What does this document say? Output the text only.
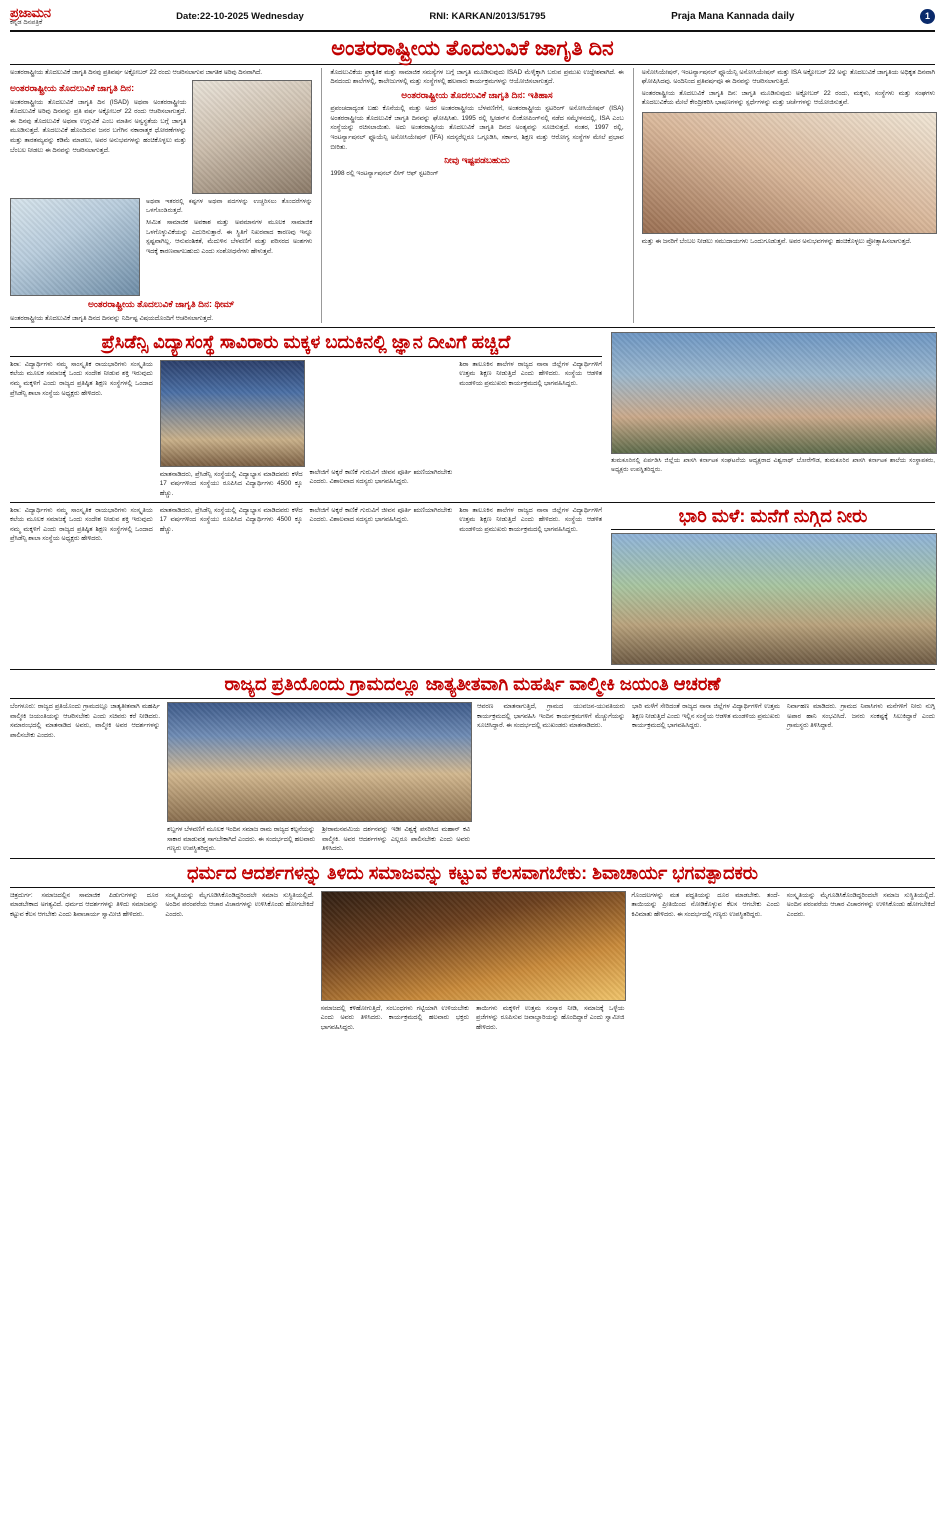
ಪ್ರಜಾಮನ
ಕನ್ನಡ ದಿನಪತ್ರಿಕೆ
Date:22-10-2025 Wednesday	RNI: KARKAN/2013/51795	Praja Mana Kannada daily	1
ಅಂತರರಾಷ್ಟ್ರೀಯ ತೊದಲುವಿಕೆ ಜಾಗೃತಿ ದಿನ
ಅಂತರರಾಷ್ಟ್ರೀಯ ತೊದಲುವಿಕೆ ಜಾಗೃತಿ ದಿನವು ಪ್ರತಿವರ್ಷ ಅಕ್ಟೋಬರ್ 22 ರಂದು ಆಚರಿಸಲಾಗುವ ಜಾಗತಿಕ ಅರಿವು ದಿನವಾಗಿದೆ.
ಅಂತರರಾಷ್ಟ್ರೀಯ ತೊದಲುವಿಕೆ ಜಾಗೃತಿ ದಿನ:
ಅಂತರರಾಷ್ಟ್ರೀಯ ತೊದಲುವಿಕೆ ಜಾಗೃತಿ ದಿನ (ISAD) ಅಥವಾ ಅಂತರರಾಷ್ಟ್ರೀಯ ತೊದಲುವಿಕೆ ಅರಿವು ದಿನವನ್ನು ಪ್ರತಿ ವರ್ಷ ಅಕ್ಟೋಬರ್ 22 ರಂದು ಆಚರಿಸಲಾಗುತ್ತದೆ. ಈ ದಿನವು ತೊದಲುವಿಕೆ ಅಥವಾ ಉಗ್ಗುವಿಕೆ ಎಂಬ ಮಾತಿನ ಅಸ್ವಸ್ಥತೆಯ ಬಗ್ಗೆ ಜಾಗೃತಿ ಮೂಡಿಸುತ್ತದೆ. ತೊದಲುವಿಕೆ ಹೊಂದಿರುವ ಜನರ ಬಗೆಗಿನ ನಕಾರಾತ್ಮಕ ಧೋರಣೆಗಳನ್ನು ಮತ್ತು ತಾರತಮ್ಯವನ್ನು ಕಡಿಮೆ ಮಾಡಲು, ಅವರ ಅನುಭವಗಳನ್ನು ಹಂಚಿಕೊಳ್ಳಲು ಮತ್ತು ಬೆಂಬಲ ನೀಡಲು ಈ ದಿನವನ್ನು ಆಚರಿಸಲಾಗುತ್ತದೆ.
ಅಥವಾ ಇತರರಲ್ಲಿ ಕಷ್ಟಗಳ ಅಥವಾ ಪದಗಳನ್ನು ಉಚ್ಚರಿಸಲು ತೊಂದರೆಗಳನ್ನು ಒಳಗೊಂಡಿರುತ್ತದೆ.
ಸೀಮಿತ ಸಾಮಾಜಿಕ ಅವಕಾಶ ಮತ್ತು ಅವಮಾನಗಳ ಮೂಲಕ ಸಾಮಾಜಿಕ ಒಳಗೊಳ್ಳುವಿಕೆಯನ್ನು ಎದುರಿಸುತ್ತಾರೆ. ಈ ಸ್ಥಿತಿಗೆ ನಿಖರವಾದ ಕಾರಣವು ಇನ್ನೂ ಸ್ಪಷ್ಟವಾಗಿಲ್ಲ. ಆನುವಂಶಿಕತೆ, ಮೆದುಳಿನ ಬೆಳವಣಿಗೆ ಮತ್ತು ಪರಿಸರದ ಅಂಶಗಳು ಇದಕ್ಕೆ ಕಾರಣವಾಗಬಹುದು ಎಂದು ಸಂಶೋಧನೆಗಳು ಹೇಳುತ್ತವೆ.
ಅಂತರರಾಷ್ಟ್ರೀಯ ತೊದಲುವಿಕೆ ಜಾಗೃತಿ ದಿನ: ಥೀಮ್
ಅಂತರರಾಷ್ಟ್ರೀಯ ತೊದಲುವಿಕೆ ಜಾಗೃತಿ ದಿನದ ದಿನವನ್ನು ನಿರ್ದಿಷ್ಟ ವಿಷಯದೊಂದಿಗೆ ಆಚರಿಸಲಾಗುತ್ತದೆ.
ತೊದಲುವಿಕೆಯ ಪ್ರಾಕೃತಿಕ ಮತ್ತು ಸಾಮಾಜಿಕ ಸಮಸ್ಯೆಗಳ ಬಗ್ಗೆ ಜಾಗೃತಿ ಮೂಡಿಸುವುದು ISAD ಮೆಳೈಕ್ಕಾಗಿ ಬರುವ ಪ್ರಮುಖ ಉದ್ದೇಶವಾಗಿದೆ. ಈ ದಿನದಂದು ಶಾಲೆಗಳಲ್ಲಿ, ಕಾಲೇಜುಗಳಲ್ಲಿ ಮತ್ತು ಸಂಸ್ಥೆಗಳಲ್ಲಿ ಹಲವಾರು ಕಾರ್ಯಕ್ರಮಗಳನ್ನು ಆಯೋಜಿಸಲಾಗುತ್ತದೆ.
ಅಂತರರಾಷ್ಟ್ರೀಯ ತೊದಲುವಿಕೆ ಜಾಗೃತಿ ದಿನ: ಇತಿಹಾಸ
ಪ್ರಪಂಚದಾದ್ಯಂತ ಬಹು ಕೊನೆಯಲ್ಲಿ ಮತ್ತು ಅದರ ಅಂತರರಾಷ್ಟ್ರೀಯ ಬೆಳವಣಿಗೆಗೆ, ಅಂತರರಾಷ್ಟ್ರೀಯ ಸ್ಟಟರಿಂಗ್ ಅಸೋಸಿಯೇಷನ್ (ISA) ಅಂತರರಾಷ್ಟ್ರೀಯ ತೊದಲುವಿಕೆ ಜಾಗೃತಿ ದಿನವನ್ನು ಘೋಷಿಸಿತು. 1995 ರಲ್ಲಿ ಸ್ವೀಡನ್‌ನ ಲಿಂಕೋಪಿಂಗ್‌ನಲ್ಲಿ ನಡೆದ ಸಮ್ಮೇಳನದಲ್ಲಿ, ISA ಎಂಬ ಸಂಸ್ಥೆಯನ್ನು ರಚಿಸಲಾಯಿತು. ಅದು ಅಂತರರಾಷ್ಟ್ರೀಯ ತೊದಲುವಿಕೆ ಜಾಗೃತಿ ದಿನದ ಅಂತ್ಯವನ್ನು ಸೂಚಿಸುತ್ತದೆ. ನಂತರ, 1997 ರಲ್ಲಿ, ಇಂಟರ್ನ್ಯಾಷನಲ್ ಫ್ಲೂಯೆನ್ಸಿ ಅಸೋಸಿಯೇಷನ್ (IFA) ಸದಸ್ಯರೆಲ್ಲರೂ ಒಗ್ಗೂಡಿಸಿ, ಸರ್ಕಾರ, ಶಿಕ್ಷಣ ಮತ್ತು ಆರೋಗ್ಯ ಸಂಸ್ಥೆಗಳ ಮೇಲೆ ಪ್ರಭಾವ ಬೀರಿತು.
ನೀವು ಇಷ್ಟಪಡಬಹುದು
1998 ರಲ್ಲಿ ಇಂಟರ್ನ್ಯಾಷನಲ್ ಲೀಗ್ ಆಫ್ ಸ್ಟಟರಿಂಗ್
ಅಸೋಸಿಯೇಷನ್, ಇಂಟರ್ನ್ಯಾಷನಲ್ ಫ್ಲೂಯೆನ್ಸಿ ಅಸೋಸಿಯೇಷನ್ ಮತ್ತು ISA ಅಕ್ಟೋಬರ್ 22 ಅನ್ನು ತೊದಲುವಿಕೆ ಜಾಗೃತಿಯ ಅಧಿಕೃತ ದಿನವಾಗಿ ಘೋಷಿಸಿದವು. ಅಂದಿನಿಂದ ಪ್ರತಿವರ್ಷವೂ ಈ ದಿನವನ್ನು ಆಚರಿಸಲಾಗುತ್ತಿದೆ.
ಅಂತರರಾಷ್ಟ್ರೀಯ ತೊದಲುವಿಕೆ ಜಾಗೃತಿ ದಿನ: ಜಾಗೃತಿ ಮೂಡಿಸುವುದು ಅಕ್ಟೋಬರ್ 22 ರಂದು, ಮಕ್ಕಳು, ಸಂಸ್ಥೆಗಳು ಮತ್ತು ಸಂಘಗಳು ತೊದಲುವಿಕೆಯ ಮೇಲೆ ಕೇಂದ್ರೀಕರಿಸಿ ಭಾಷಣಗಳನ್ನು ಸ್ಪರ್ಧೆಗಳನ್ನು ಮತ್ತು ಚರ್ಚೆಗಳನ್ನು ಆಯೋಜಿಸುತ್ತವೆ.
ಮತ್ತು ಈ ಜನರಿಗೆ ಬೆಂಬಲ ನೀಡಲು ಸಮುದಾಯಗಳು ಒಂದುಗೂಡುತ್ತವೆ. ಅವರ ಅನುಭವಗಳನ್ನು ಹಂಚಿಕೊಳ್ಳಲು ಪ್ರೋತ್ಸಾಹಿಸಲಾಗುತ್ತದೆ.
ಪ್ರೆಸಿಡೆನ್ಸಿ ವಿದ್ಯಾಸಂಸ್ಥೆ ಸಾವಿರಾರು ಮಕ್ಕಳ ಬದುಕಿನಲ್ಲಿ ಜ್ಞಾನ ದೀವಿಗೆ ಹಚ್ಚಿದೆ
ಶಿರಾ: ವಿದ್ಯಾರ್ಥಿಗಳು ನಮ್ಮ ಸಾಂಸ್ಕೃತಿಕ ರಾಯಭಾರಿಗಳು ಸಂಸ್ಕೃತಿಯ ಕಲೆಯ ಮೂಲಕ ಸಮಾಜಕ್ಕೆ ಒಂದು ಸಂದೇಶ ನೀಡುವ ಶಕ್ತಿ ಇರುವುದು ನಮ್ಮ ಮಕ್ಕಳಿಗೆ ಎಂದು ರಾಜ್ಯದ ಪ್ರತಿಷ್ಠಿತ ಶಿಕ್ಷಣ ಸಂಸ್ಥೆಗಳಲ್ಲಿ ಒಂದಾದ ಪ್ರೆಸಿಡೆನ್ಸಿ ಶಾಲಾ ಸಂಸ್ಥೆಯ ಅಧ್ಯಕ್ಷರು ಹೇಳಿದರು.
ಮಾತನಾಡಿದರು, ಪ್ರೆಸಿಡೆನ್ಸಿ ಸಂಸ್ಥೆಯಲ್ಲಿ ವಿದ್ಯಾಭ್ಯಾಸ ಮಾಡಿದವರು ಕಳೆದ 17 ವರ್ಷಗಳಿಂದ ಸಂಸ್ಥೆಯು ರೂಪಿಸಿದ ವಿದ್ಯಾರ್ಥಿಗಳು 4500 ಕ್ಕೂ ಹೆಚ್ಚು.
ಕಾಲೇಜಿಗೆ ಅಕ್ಕರೆ ಕಾಣಿಕೆ ಗುರುವಿಗೆ ಜೀವನ ಪೂರ್ತಿ ಋಣಿಯಾಗಿರಬೇಕು ಎಂದರು. ವಿಶಾಲವಾದ ಸದಸ್ಯರು ಭಾಗವಹಿಸಿದ್ದರು.
ಶಿರಾ ತಾಲೂಕಿನ ಶಾಲೆಗಳ ರಾಜ್ಯದ ನಾನಾ ಜಿಲ್ಲೆಗಳ ವಿದ್ಯಾರ್ಥಿಗಳಿಗೆ ಉತ್ತಮ ಶಿಕ್ಷಣ ನೀಡುತ್ತಿದೆ ಎಂದು ಹೇಳಿದರು. ಸಂಸ್ಥೆಯ ಆಡಳಿತ ಮಂಡಳಿಯ ಪ್ರಮುಖರು ಕಾರ್ಯಕ್ರಮದಲ್ಲಿ ಭಾಗವಹಿಸಿದ್ದರು.
ತುಮಕೂರಿನಲ್ಲಿ ಏರ್ಪಡಿಸಿ ಜಿಲ್ಲೆಯ ಖಾಸಗಿ ಕರ್ನಾಟಕ ಸಂಘಟನೆಯ ಆದ್ಯಕ್ಷರಾದ ವಿಶ್ವನಾಥ್ ಬೋರೆಗೌಡ, ತುಮಕೂರಿನ ಖಾಸಗಿ ಕರ್ನಾಟಕ ಶಾಲೆಯ ಸಂಸ್ಥಾಪಕರು, ಅಧ್ಯಕ್ಷರು ಉಪಸ್ಥಿತರಿದ್ದರು.
ಶಿರಾ: ವಿದ್ಯಾರ್ಥಿಗಳು ನಮ್ಮ ಸಾಂಸ್ಕೃತಿಕ ರಾಯಭಾರಿಗಳು ಸಂಸ್ಕೃತಿಯ ಕಲೆಯ ಮೂಲಕ ಸಮಾಜಕ್ಕೆ ಒಂದು ಸಂದೇಶ ನೀಡುವ ಶಕ್ತಿ ಇರುವುದು ನಮ್ಮ ಮಕ್ಕಳಿಗೆ ಎಂದು ರಾಜ್ಯದ ಪ್ರತಿಷ್ಠಿತ ಶಿಕ್ಷಣ ಸಂಸ್ಥೆಗಳಲ್ಲಿ ಒಂದಾದ ಪ್ರೆಸಿಡೆನ್ಸಿ ಶಾಲಾ ಸಂಸ್ಥೆಯ ಅಧ್ಯಕ್ಷರು ಹೇಳಿದರು.
ಮಾತನಾಡಿದರು, ಪ್ರೆಸಿಡೆನ್ಸಿ ಸಂಸ್ಥೆಯಲ್ಲಿ ವಿದ್ಯಾಭ್ಯಾಸ ಮಾಡಿದವರು ಕಳೆದ 17 ವರ್ಷಗಳಿಂದ ಸಂಸ್ಥೆಯು ರೂಪಿಸಿದ ವಿದ್ಯಾರ್ಥಿಗಳು 4500 ಕ್ಕೂ ಹೆಚ್ಚು.
ಕಾಲೇಜಿಗೆ ಅಕ್ಕರೆ ಕಾಣಿಕೆ ಗುರುವಿಗೆ ಜೀವನ ಪೂರ್ತಿ ಋಣಿಯಾಗಿರಬೇಕು ಎಂದರು. ವಿಶಾಲವಾದ ಸದಸ್ಯರು ಭಾಗವಹಿಸಿದ್ದರು.
ಶಿರಾ ತಾಲೂಕಿನ ಶಾಲೆಗಳ ರಾಜ್ಯದ ನಾನಾ ಜಿಲ್ಲೆಗಳ ವಿದ್ಯಾರ್ಥಿಗಳಿಗೆ ಉತ್ತಮ ಶಿಕ್ಷಣ ನೀಡುತ್ತಿದೆ ಎಂದು ಹೇಳಿದರು. ಸಂಸ್ಥೆಯ ಆಡಳಿತ ಮಂಡಳಿಯ ಪ್ರಮುಖರು ಕಾರ್ಯಕ್ರಮದಲ್ಲಿ ಭಾಗವಹಿಸಿದ್ದರು.
ಭಾರಿ ಮಳೆ: ಮನೆಗೆ ನುಗ್ಗಿದ ನೀರು
ರಾಜ್ಯದ ಪ್ರತಿಯೊಂದು ಗ್ರಾಮದಲ್ಲೂ ಜಾತ್ಯತೀತವಾಗಿ ಮಹರ್ಷಿ ವಾಲ್ಮೀಕಿ ಜಯಂತಿ ಆಚರಣೆ
ಬೆಂಗಳೂರು: ರಾಜ್ಯದ ಪ್ರತಿಯೊಂದು ಗ್ರಾಮದಲ್ಲೂ ಜಾತ್ಯತೀತವಾಗಿ ಮಹರ್ಷಿ ವಾಲ್ಮೀಕಿ ಜಯಂತಿಯನ್ನು ಆಚರಿಸಬೇಕು ಎಂದು ಸಚಿವರು ಕರೆ ನೀಡಿದರು. ಸಮಾರಂಭದಲ್ಲಿ ಮಾತನಾಡಿದ ಅವರು, ವಾಲ್ಮೀಕಿ ಅವರ ಆದರ್ಶಗಳನ್ನು ಪಾಲಿಸಬೇಕು ಎಂದರು.
ಶಬ್ದಗಳ ಬೆಳವಣಿಗೆ ಮೂಲಕ ಇಂದಿನ ಸಮಾಜ ರಾಮ ರಾಜ್ಯದ ಕಲ್ಪನೆಯನ್ನು ಸಾಕಾರ ಮಾಡುವತ್ತ ಸಾಗಬೇಕಾಗಿದೆ ಎಂದರು. ಈ ಸಂದರ್ಭದಲ್ಲಿ ಹಲವಾರು ಗಣ್ಯರು ಉಪಸ್ಥಿತರಿದ್ದರು.
ಶ್ರೀರಾಮನವಮಿಯ ದರ್ಶನವನ್ನು ಇಡೀ ವಿಶ್ವಕ್ಕೆ ಪಸರಿಸಿದ ಮಹಾನ್ ಕವಿ ವಾಲ್ಮೀಕಿ. ಅವರ ಆದರ್ಶಗಳನ್ನು ಎಲ್ಲರೂ ಪಾಲಿಸಬೇಕು ಎಂದು ಅವರು ತಿಳಿಸಿದರು.
ಆವರಣ ಮಾತನಾಗುತ್ತಿದೆ, ಗ್ರಾಮದ ಯುವಜನ-ಯುವತಿಯರು ಕಾರ್ಯಕ್ರಮದಲ್ಲಿ ಭಾಗವಹಿಸಿ ಇಂದಿನ ಕಾರ್ಯಕ್ರಮಗಳಿಗೆ ಮೆಚ್ಚುಗೆಯನ್ನು ಸೂಚಿಸಿದ್ದಾರೆ. ಈ ಸಂದರ್ಭದಲ್ಲಿ ಮುಖಂಡರು ಮಾತನಾಡಿದರು.
ಭಾರಿ ಮಳೆಗೆ ಸೇರಿದಂತೆ ರಾಜ್ಯದ ನಾನಾ ಜಿಲ್ಲೆಗಳ ವಿದ್ಯಾರ್ಥಿಗಳಿಗೆ ಉತ್ತಮ ಶಿಕ್ಷಣ ನೀಡುತ್ತಿದೆ ಎಂದು ಇಲ್ಲಿನ ಸಂಸ್ಥೆಯ ಆಡಳಿತ ಮಂಡಳಿಯ ಪ್ರಮುಖರು ಕಾರ್ಯಕ್ರಮದಲ್ಲಿ ಭಾಗವಹಿಸಿದ್ದರು.
ನಿರ್ವಾಹಣ ಮಾಡಿದರು. ಗ್ರಾಮದ ನಿವಾಸಿಗಳು ಮನೆಗಳಿಗೆ ನೀರು ನುಗ್ಗಿ ಅಪಾರ ಹಾನಿ ಸಂಭವಿಸಿದೆ. ಜನರು ಸಂಕಷ್ಟಕ್ಕೆ ಸಿಲುಕಿದ್ದಾರೆ ಎಂದು ಗ್ರಾಮಸ್ಥರು ತಿಳಿಸಿದ್ದಾರೆ.
ಧರ್ಮದ ಆದರ್ಶಗಳನ್ನು ತಿಳಿದು ಸಮಾಜವನ್ನು ಕಟ್ಟುವ ಕೆಲಸವಾಗಬೇಕು: ಶಿವಾಚಾರ್ಯ ಭಗವತ್ಪಾದಕರು
ಚಿತ್ರದುರ್ಗ: ಸಮಾಜದಲ್ಲಿನ ಸಾಮಾಜಿಕ ಪಿಡುಗುಗಳನ್ನು ದೂರ ಮಾಡಬೇಕಾದ ಅಗತ್ಯವಿದೆ. ಧರ್ಮದ ಆದರ್ಶಗಳನ್ನು ತಿಳಿದು ಸಮಾಜವನ್ನು ಕಟ್ಟುವ ಕೆಲಸ ಆಗಬೇಕು ಎಂದು ಶಿವಾಚಾರ್ಯ ಸ್ವಾಮೀಜಿ ಹೇಳಿದರು.
ಸಂಸ್ಕೃತಿಯನ್ನು ಮೈಗೂಡಿಸಿಕೊಂಡಿದ್ದರಿಂದಲೇ ಸಮಾಜ ಸುಸ್ಥಿತಿಯಲ್ಲಿದೆ. ಅಂದಿನ ಪರಂಪರೆಯ ಆಚಾರ ವಿಚಾರಗಳನ್ನು ಉಳಿಸಿಕೊಂಡು ಹೋಗಬೇಕಿದೆ ಎಂದರು.
ಸಮಾಜದಲ್ಲಿ ಕಳಿಹೋಗುತ್ತಿದೆ, ಸಂಬಂಧಗಳು ಗಟ್ಟಿಯಾಗಿ ಉಳಿಯಬೇಕು ಎಂದು ಅವರು ತಿಳಿಸಿದರು. ಕಾರ್ಯಕ್ರಮದಲ್ಲಿ ಹಲವಾರು ಭಕ್ತರು ಭಾಗವಹಿಸಿದ್ದರು.
ತಾಯಿಗಳು ಮಕ್ಕಳಿಗೆ ಉತ್ತಮ ಸಂಸ್ಕಾರ ನೀಡಿ, ಸಮಾಜಕ್ಕೆ ಒಳ್ಳೆಯ ಪ್ರಜೆಗಳನ್ನು ರೂಪಿಸುವ ಜವಾಬ್ದಾರಿಯನ್ನು ಹೊಂದಿದ್ದಾರೆ ಎಂದು ಸ್ವಾಮೀಜಿ ಹೇಳಿದರು.
ಗೊಂದಲಗಳನ್ನು ಮತ ಪದ್ಧತಿಯನ್ನು ದೂರ ಮಾಡಬೇಕು. ತಂದೆ-ತಾಯಿಯನ್ನು ಪ್ರೀತಿಯಿಂದ ನೋಡಿಕೊಳ್ಳುವ ಕೆಲಸ ಆಗಬೇಕು ಎಂದು ಕಿವಿಮಾತು ಹೇಳಿದರು. ಈ ಸಂದರ್ಭದಲ್ಲಿ ಗಣ್ಯರು ಉಪಸ್ಥಿತರಿದ್ದರು.
ಸಂಸ್ಕೃತಿಯನ್ನು ಮೈಗೂಡಿಸಿಕೊಂಡಿದ್ದರಿಂದಲೇ ಸಮಾಜ ಸುಸ್ಥಿತಿಯಲ್ಲಿದೆ. ಅಂದಿನ ಪರಂಪರೆಯ ಆಚಾರ ವಿಚಾರಗಳನ್ನು ಉಳಿಸಿಕೊಂಡು ಹೋಗಬೇಕಿದೆ ಎಂದರು.
